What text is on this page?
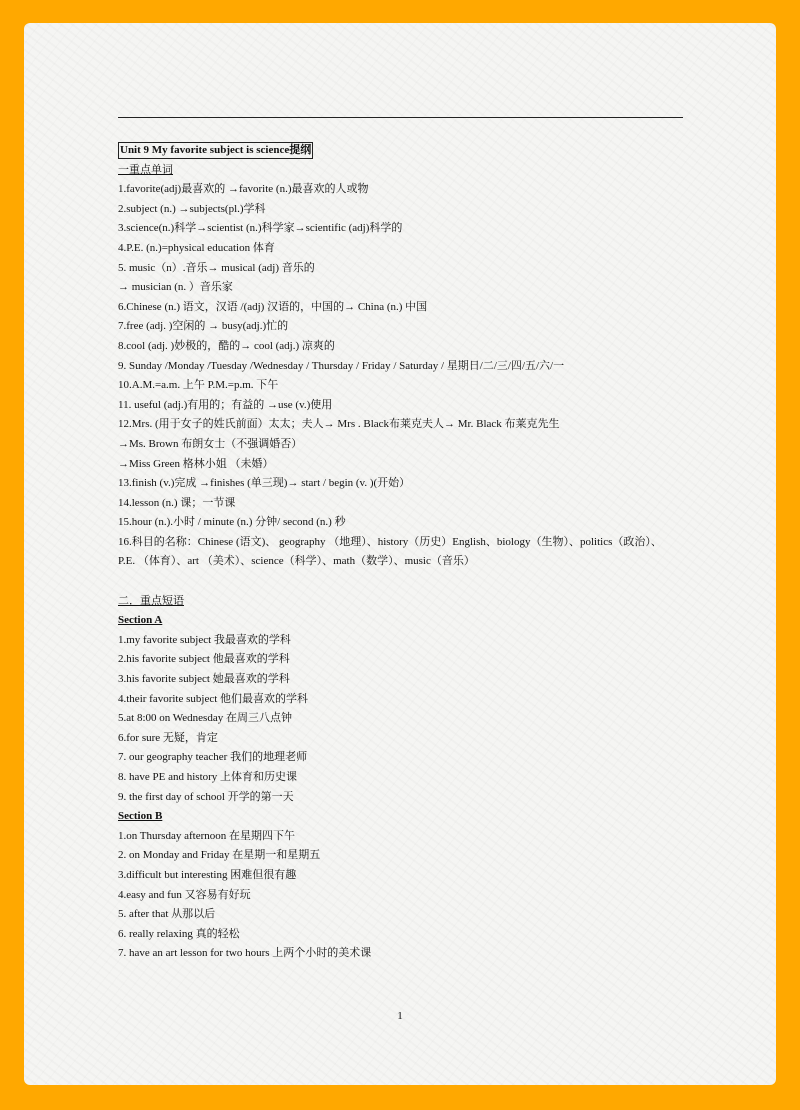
Unit 9 My favorite subject is science提纲
一重点单词
1.favorite(adj)最喜欢的 →favorite (n.)最喜欢的人或物
2.subject (n.) →subjects(pl.)学科
3.science(n.)科学→scientist (n.)科学家→scientific (adj)科学的
4.P.E. (n.)=physical education 体育
5. music（n）.音乐→ musical (adj) 音乐的
→ musician (n. ）音乐家
6.Chinese (n.) 语文，汉语 /(adj) 汉语的，中国的→ China (n.) 中国
7.free (adj. )空闲的 → busy(adj.)忙的
8.cool (adj. )妙极的，酷的→ cool (adj.) 凉爽的
9. Sunday /Monday /Tuesday /Wednesday / Thursday / Friday / Saturday / 星期日/二/三/四/五/六/一
10.A.M.=a.m. 上午 P.M.=p.m. 下午
11. useful (adj.)有用的；有益的 →use (v.)使用
12.Mrs. (用于女子的姓氏前面）太太；夫人→ Mrs . Black布莱克夫人→ Mr. Black 布莱克先生
→Ms. Brown 布朗女士（不强调婚否）
→Miss Green 格林小姐 （未婚）
13.finish (v.)完成 →finishes (单三现)→ start / begin (v. )(开始）
14.lesson (n.) 课；一节课
15.hour (n.).小时 / minute (n.) 分钟/ second (n.) 秒
16.科目的名称：Chinese (语文)、 geography （地理）、history（历史）English、biology（生物）、politics（政治）、
P.E. （体育）、art （美术）、science（科学）、math（数学）、music（音乐）
二．重点短语
Section A
1.my favorite subject 我最喜欢的学科
2.his favorite subject 他最喜欢的学科
3.his favorite subject 她最喜欢的学科
4.their favorite subject 他们最喜欢的学科
5.at 8:00 on Wednesday 在周三八点钟
6.for sure 无疑，肯定
7. our geography teacher 我们的地理老师
8. have PE and history 上体育和历史课
9. the first day of school 开学的第一天
Section B
1.on Thursday afternoon 在星期四下午
2. on Monday and Friday 在星期一和星期五
3.difficult but interesting 困难但很有趣
4.easy and fun 又容易有好玩
5. after that 从那以后
6. really relaxing 真的轻松
7. have an art lesson for two hours 上两个小时的美术课
1
